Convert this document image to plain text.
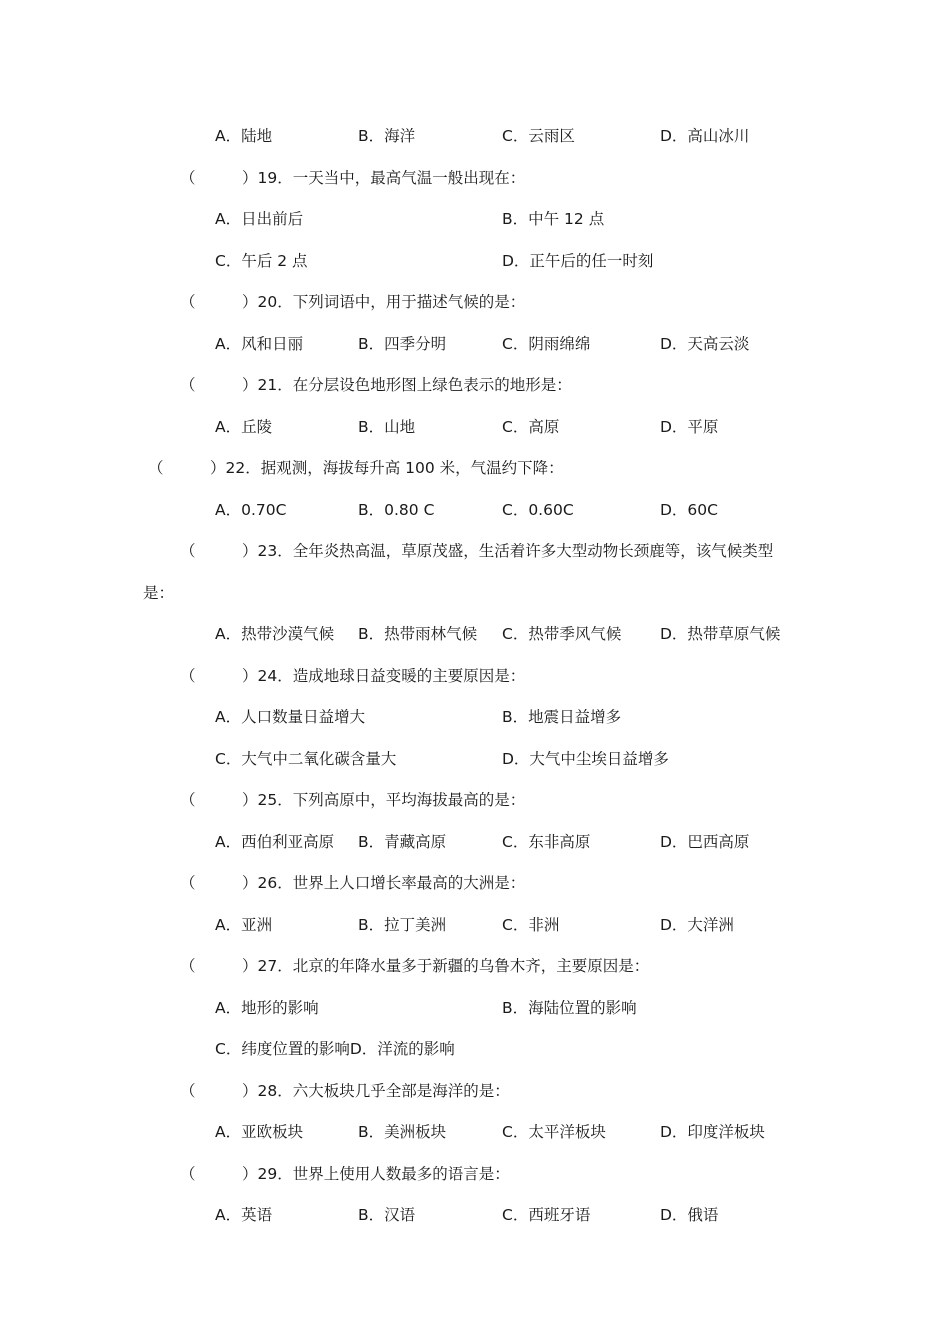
A．陆地	B．海洋	C．云雨区	D．高山冰川
（　　　）19．一天当中，最高气温一般出现在：
A．日出前后	B．中午 12 点
C．午后 2 点	D．正午后的任一时刻
（　　　）20．下列词语中，用于描述气候的是：
A．风和日丽	B．四季分明	C．阴雨绵绵	D．天高云淡
（　　　）21．在分层设色地形图上绿色表示的地形是：
A．丘陵	B．山地	C．高原	D．平原
（　　　）22．据观测，海拔每升高 100 米，气温约下降：
A．0.70C	B．0.80 C	C．0.60C	D．60C
（　　　）23．全年炎热高温，草原茂盛，生活着许多大型动物长颈鹿等，该气候类型
是：
A．热带沙漠气候 B．热带雨林气候 C．热带季风气候 D．热带草原气候
（　　　）24．造成地球日益变暖的主要原因是：
A．人口数量日益增大	B．地震日益增多
C．大气中二氧化碳含量大	D．大气中尘埃日益增多
（　　　）25．下列高原中，平均海拔最高的是：
A．西伯利亚高原 B．青藏高原	C．东非高原	D．巴西高原
（　　　）26．世界上人口增长率最高的大洲是：
A．亚洲	B．拉丁美洲	C．非洲	D．大洋洲
（　　　）27．北京的年降水量多于新疆的乌鲁木齐，主要原因是：
A．地形的影响	B．海陆位置的影响
C．纬度位置的影响D．洋流的影响
（　　　）28．六大板块几乎全部是海洋的是：
A．亚欧板块	B．美洲板块	C．太平洋板块	D．印度洋板块
（　　　）29．世界上使用人数最多的语言是：
A．英语	B．汉语	C．西班牙语	D．俄语
